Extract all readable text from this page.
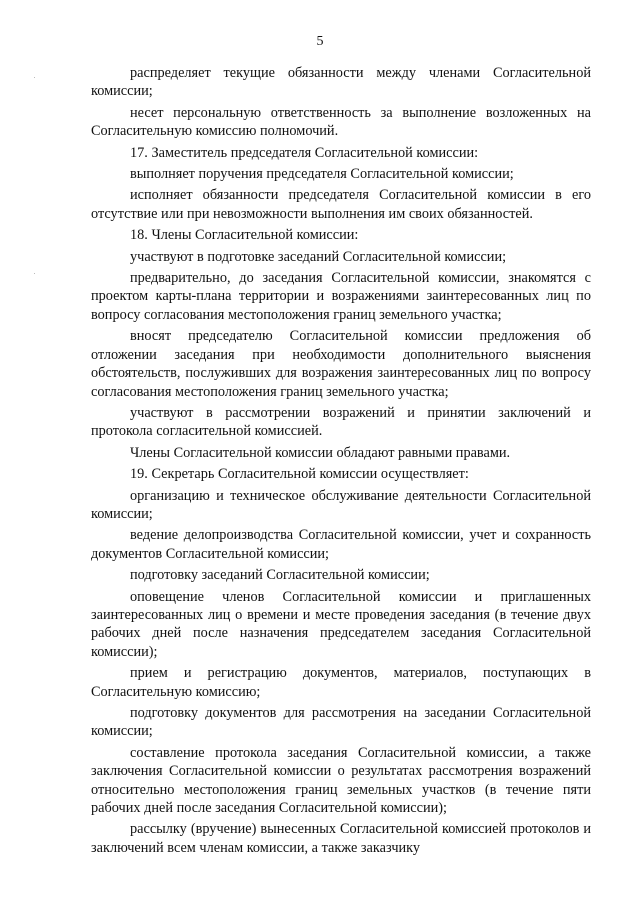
5

распределяет текущие обязанности между членами Согласительной комиссии;

несет персональную ответственность за выполнение возложенных на Согласительную комиссию полномочий.

17. Заместитель председателя Согласительной комиссии:

выполняет поручения председателя Согласительной комиссии;

исполняет обязанности председателя Согласительной комиссии в его отсутствие или при невозможности выполнения им своих обязанностей.

18. Члены Согласительной комиссии:

участвуют в подготовке заседаний Согласительной комиссии;

предварительно, до заседания Согласительной комиссии, знакомятся с проектом карты-плана территории и возражениями заинтересованных лиц по вопросу согласования местоположения границ земельного участка;

вносят председателю Согласительной комиссии предложения об отложении заседания при необходимости дополнительного выяснения обстоятельств, послуживших для возражения заинтересованных лиц по вопросу согласования местоположения границ земельного участка;

участвуют в рассмотрении возражений и принятии заключений и протокола согласительной комиссией.

Члены Согласительной комиссии обладают равными правами.

19. Секретарь Согласительной комиссии осуществляет:

организацию и техническое обслуживание деятельности Согласительной комиссии;

ведение делопроизводства Согласительной комиссии, учет и сохранность документов Согласительной комиссии;

подготовку заседаний Согласительной комиссии;

оповещение членов Согласительной комиссии и приглашенных заинтересованных лиц о времени и месте проведения заседания (в течение двух рабочих дней после назначения председателем заседания Согласительной комиссии);

прием и регистрацию документов, материалов, поступающих в Согласительную комиссию;

подготовку документов для рассмотрения на заседании Согласительной комиссии;

составление протокола заседания Согласительной комиссии, а также заключения Согласительной комиссии о результатах рассмотрения возражений относительно местоположения границ земельных участков (в течение пяти рабочих дней после заседания Согласительной комиссии);

рассылку (вручение) вынесенных Согласительной комиссией протоколов и заключений всем членам комиссии, а также заказчику
